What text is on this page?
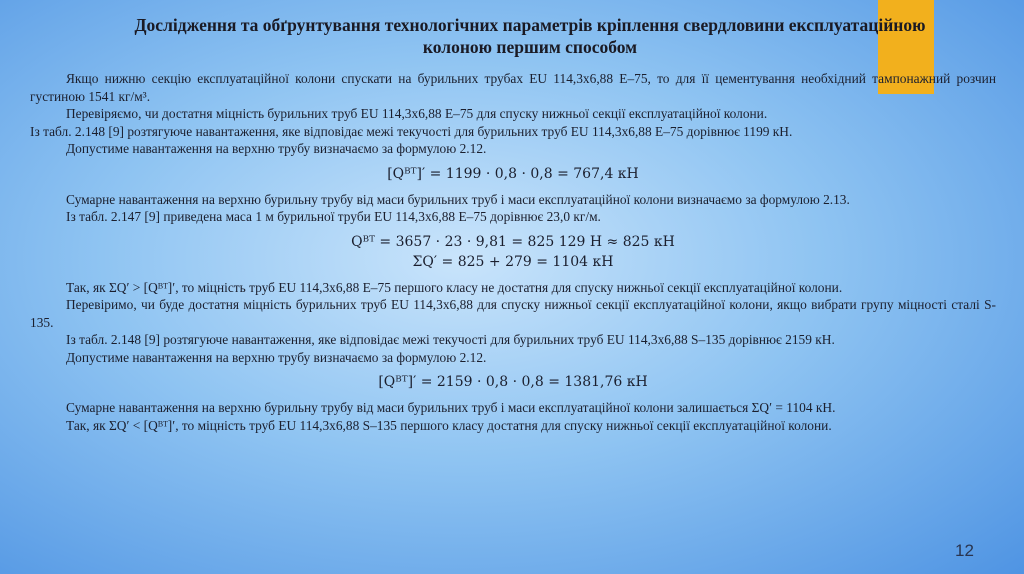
Дослідження та обґрунтування технологічних параметрів кріплення свердловини експлуатаційною
колоною першим способом

Якщо нижню секцію експлуатаційної колони спускати на бурильних трубах EU 114,3х6,88 Е–75, то для її цементування необхідний тампонажний розчин густиною 1541 кг/м³.

Перевіряємо, чи достатня міцність бурильних труб EU 114,3х6,88 Е–75 для спуску нижньої секції експлуатаційної колони.

Із табл. 2.148 [9] розтягуюче навантаження, яке відповідає межі текучості для бурильних труб EU 114,3х6,88 Е–75 дорівнює 1199 кН.

Допустиме навантаження на верхню трубу визначаємо за формулою 2.12.

[Qᴮᵀ]′ = 1199 · 0,8 · 0,8 = 767,4 кН

Сумарне навантаження на верхню бурильну трубу від маси бурильних труб і маси експлуатаційної колони визначаємо за формулою 2.13.

Із табл. 2.147 [9] приведена маса 1 м бурильної труби EU 114,3х6,88 Е–75 дорівнює 23,0 кг/м.

Qᴮᵀ = 3657 · 23 · 9,81 = 825 129 Н ≈ 825 кН
ΣQ′ = 825 + 279 = 1104 кН

Так, як ΣQ′ > [Qᴮᵀ]′, то міцність труб EU 114,3х6,88 Е–75 першого класу не достатня для спуску нижньої секції експлуатаційної колони.

Перевіримо, чи буде достатня міцність бурильних труб EU 114,3х6,88 для спуску нижньої секції експлуатаційної колони, якщо вибрати групу міцності сталі S-135.

Із табл. 2.148 [9] розтягуюче навантаження, яке відповідає межі текучості для бурильних труб EU 114,3х6,88 S–135 дорівнює 2159 кН.

Допустиме навантаження на верхню трубу визначаємо за формулою 2.12.

[Qᴮᵀ]′ = 2159 · 0,8 · 0,8 = 1381,76 кН

Сумарне навантаження на верхню бурильну трубу від маси бурильних труб і маси експлуатаційної колони залишається ΣQ′ = 1104 кН.

Так, як ΣQ′ < [Qᴮᵀ]′, то міцність труб EU 114,3х6,88 S–135 першого класу достатня для спуску нижньої секції експлуатаційної колони.

12
